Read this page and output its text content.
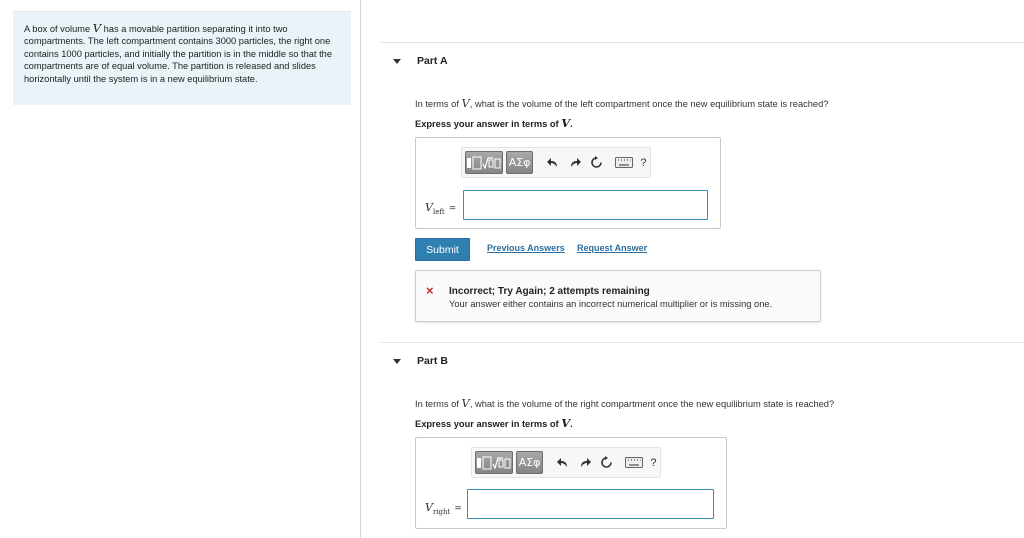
A box of volume V has a movable partition separating it into two compartments. The left compartment contains 3000 particles, the right one contains 1000 particles, and initially the partition is in the middle so that the compartments are of equal volume. The partition is released and slides horizontally until the system is in a new equilibrium state.
Part A
In terms of V, what is the volume of the left compartment once the new equilibrium state is reached?
Express your answer in terms of V.
ΑΣφ	?
$V_{left}$ =
Submit	Previous Answers Request Answer
× Incorrect; Try Again; 2 attempts remaining
Your answer either contains an incorrect numerical multiplier or is missing one.
Part B
In terms of V, what is the volume of the right compartment once the new equilibrium state is reached?
Express your answer in terms of V.
ΑΣφ	?
$V_{right}$ =
